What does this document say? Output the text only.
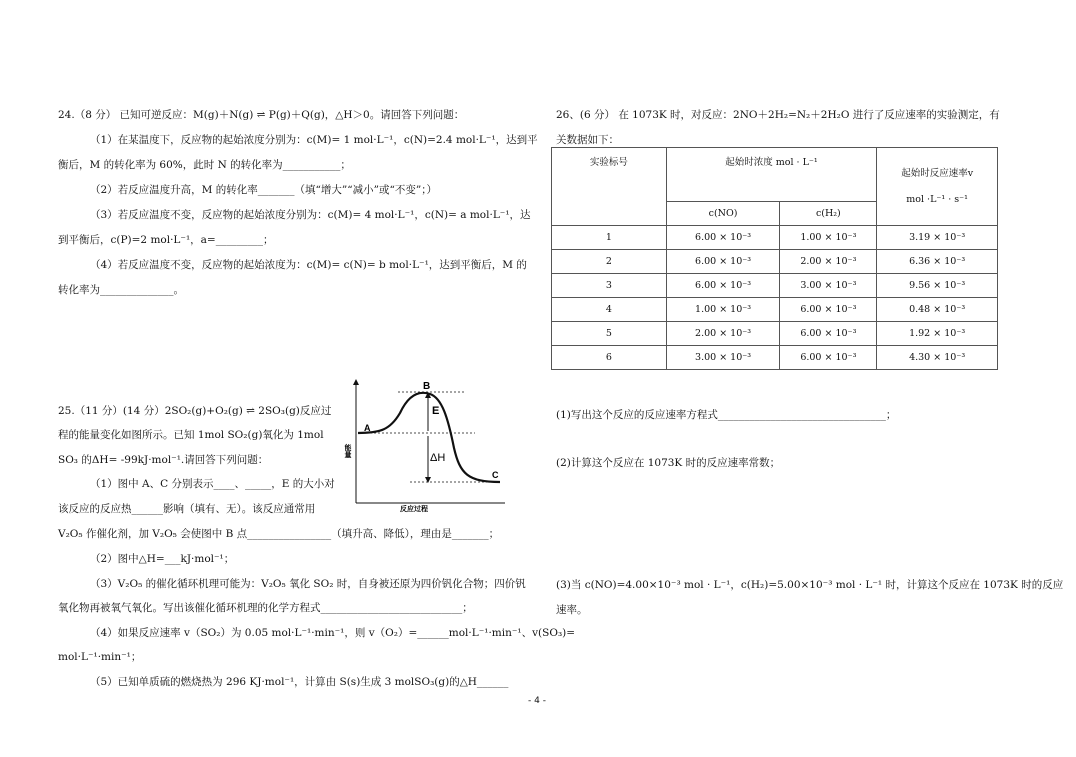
24.（8 分） 已知可逆反应：M(g)＋N(g) ⇌ P(g)＋Q(g)，△H＞0。请回答下列问题：
（1）在某温度下，反应物的起始浓度分别为：c(M)= 1 mol·L⁻¹，c(N)=2.4 mol·L⁻¹，达到平
衡后，M 的转化率为 60%，此时 N 的转化率为___________；
（2）若反应温度升高，M 的转化率_______（填“增大”“减小”或“不变”；）
（3）若反应温度不变，反应物的起始浓度分别为：c(M)= 4 mol·L⁻¹，c(N)= a mol·L⁻¹，达
到平衡后，c(P)=2 mol·L⁻¹，a=_________；
（4）若反应温度不变，反应物的起始浓度为：c(M)= c(N)= b mol·L⁻¹，达到平衡后，M 的
转化率为______________。
25.（11 分）(14 分）2SO₂(g)+O₂(g) ⇌ 2SO₃(g)反应过
程的能量变化如图所示。已知 1mol SO₂(g)氧化为 1mol
SO₃ 的ΔH= -99kJ·mol⁻¹.请回答下列问题：
（1）图中 A、C 分别表示____、_____，E 的大小对
该反应的反应热______影响（填有、无）。该反应通常用
V₂O₅ 作催化剂，加 V₂O₅ 会使图中 B 点________________（填升高、降低），理由是_______；
（2）图中△H=___kJ·mol⁻¹；
（3）V₂O₅ 的催化循环机理可能为：V₂O₅ 氧化 SO₂ 时，自身被还原为四价钒化合物；四价钒
氧化物再被氧气氧化。写出该催化循环机理的化学方程式___________________________；
（4）如果反应速率 v（SO₂）为 0.05 mol·L⁻¹·min⁻¹，则 v（O₂）=______mol·L⁻¹·min⁻¹、v(SO₃)=
mol·L⁻¹·min⁻¹；
（5）已知单质硫的燃烧热为 296 KJ·mol⁻¹，计算由 S(s)生成 3 molSO₃(g)的△H______
B
A
C
E
ΔH
能量
反应过程
26、(6 分） 在 1073K 时，对反应：2NO＋2H₂=N₂＋2H₂O 进行了反应速率的实验测定，有
关数据如下：
实验标号	起始时浓度 mol · L⁻¹		起始时反应速率v
mol ·L⁻¹ · s⁻¹

	c(NO)	c(H₂)	
1	6.00 × 10⁻³	1.00 × 10⁻³	3.19 × 10⁻³
2	6.00 × 10⁻³	2.00 × 10⁻³	6.36 × 10⁻³
3	6.00 × 10⁻³	3.00 × 10⁻³	9.56 × 10⁻³
4	1.00 × 10⁻³	6.00 × 10⁻³	0.48 × 10⁻³
5	2.00 × 10⁻³	6.00 × 10⁻³	1.92 × 10⁻³
6	3.00 × 10⁻³	6.00 × 10⁻³	4.30 × 10⁻³
(1)写出这个反应的反应速率方程式________________________________；
(2)计算这个反应在 1073K 时的反应速率常数；
(3)当 c(NO)=4.00×10⁻³ mol · L⁻¹，c(H₂)=5.00×10⁻³ mol · L⁻¹ 时，计算这个反应在 1073K 时的反应
速率。
- 4 -
